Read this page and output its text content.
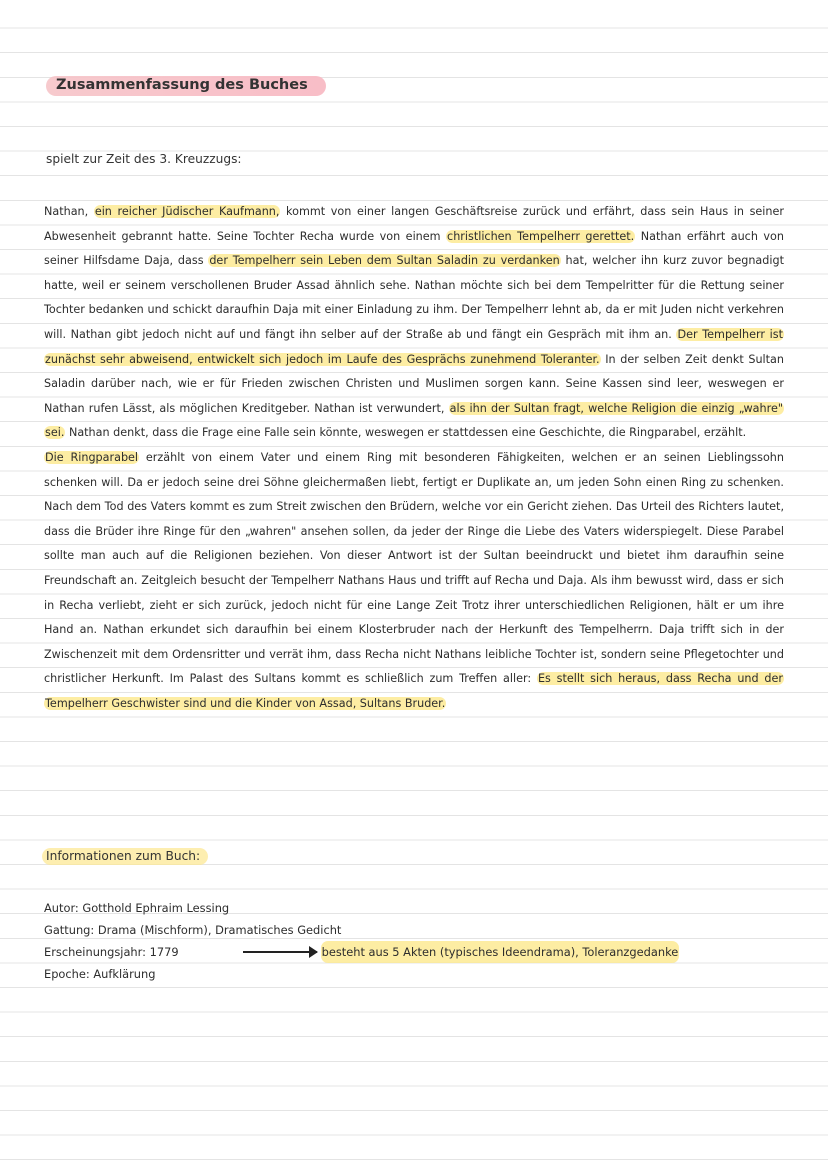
Zusammenfassung des Buches
spielt zur Zeit des 3. Kreuzzugs:

Nathan, ein reicher Jüdischer Kaufmann, kommt von einer langen Geschäftsreise zurück und erfährt, dass sein Haus in seiner Abwesenheit gebrannt hatte. Seine Tochter Recha wurde von einem christlichen Tempelherr gerettet. Nathan erfährt auch von seiner Hilfsdame Daja, dass der Tempelherr sein Leben dem Sultan Saladin zu verdanken hat, welcher ihn kurz zuvor begnadigt hatte, weil er seinem verschollenen Bruder Assad ähnlich sehe. Nathan möchte sich bei dem Tempelritter für die Rettung seiner Tochter bedanken und schickt daraufhin Daja mit einer Einladung zu ihm. Der Tempelherr lehnt ab, da er mit Juden nicht verkehren will. Nathan gibt jedoch nicht auf und fängt ihn selber auf der Straße ab und fängt ein Gespräch mit ihm an. Der Tempelherr ist zunächst sehr abweisend, entwickelt sich jedoch im Laufe des Gesprächs zunehmend Toleranter. In der selben Zeit denkt Sultan Saladin darüber nach, wie er für Frieden zwischen Christen und Muslimen sorgen kann. Seine Kassen sind leer, weswegen er Nathan rufen Lässt, als möglichen Kreditgeber. Nathan ist verwundert, als ihn der Sultan fragt, welche Religion die einzig „wahre" sei. Nathan denkt, dass die Frage eine Falle sein könnte, weswegen er stattdessen eine Geschichte, die Ringparabel, erzählt.

Die Ringparabel erzählt von einem Vater und einem Ring mit besonderen Fähigkeiten, welchen er an seinen Lieblingssohn schenken will. Da er jedoch seine drei Söhne gleichermaßen liebt, fertigt er Duplikate an, um jeden Sohn einen Ring zu schenken. Nach dem Tod des Vaters kommt es zum Streit zwischen den Brüdern, welche vor ein Gericht ziehen. Das Urteil des Richters lautet, dass die Brüder ihre Ringe für den „wahren" ansehen sollen, da jeder der Ringe die Liebe des Vaters widerspiegelt. Diese Parabel sollte man auch auf die Religionen beziehen. Von dieser Antwort ist der Sultan beeindruckt und bietet ihm daraufhin seine Freundschaft an. Zeitgleich besucht der Tempelherr Nathans Haus und trifft auf Recha und Daja. Als ihm bewusst wird, dass er sich in Recha verliebt, zieht er sich zurück, jedoch nicht für eine Lange Zeit Trotz ihrer unterschiedlichen Religionen, hält er um ihre Hand an. Nathan erkundet sich daraufhin bei einem Klosterbruder nach der Herkunft des Tempelherrn. Daja trifft sich in der Zwischenzeit mit dem Ordensritter und verrät ihm, dass Recha nicht Nathans leibliche Tochter ist, sondern seine Pflegetochter und christlicher Herkunft. Im Palast des Sultans kommt es schließlich zum Treffen aller: Es stellt sich heraus, dass Recha und der Tempelherr Geschwister sind und die Kinder von Assad, Sultans Bruder.

Informationen zum Buch:
Autor: Gotthold Ephraim Lessing
Gattung: Drama (Mischform), Dramatisches Gedicht
Erscheinungsjahr: 1779	besteht aus 5 Akten (typisches Ideendrama), Toleranzgedanke
Epoche: Aufklärung
